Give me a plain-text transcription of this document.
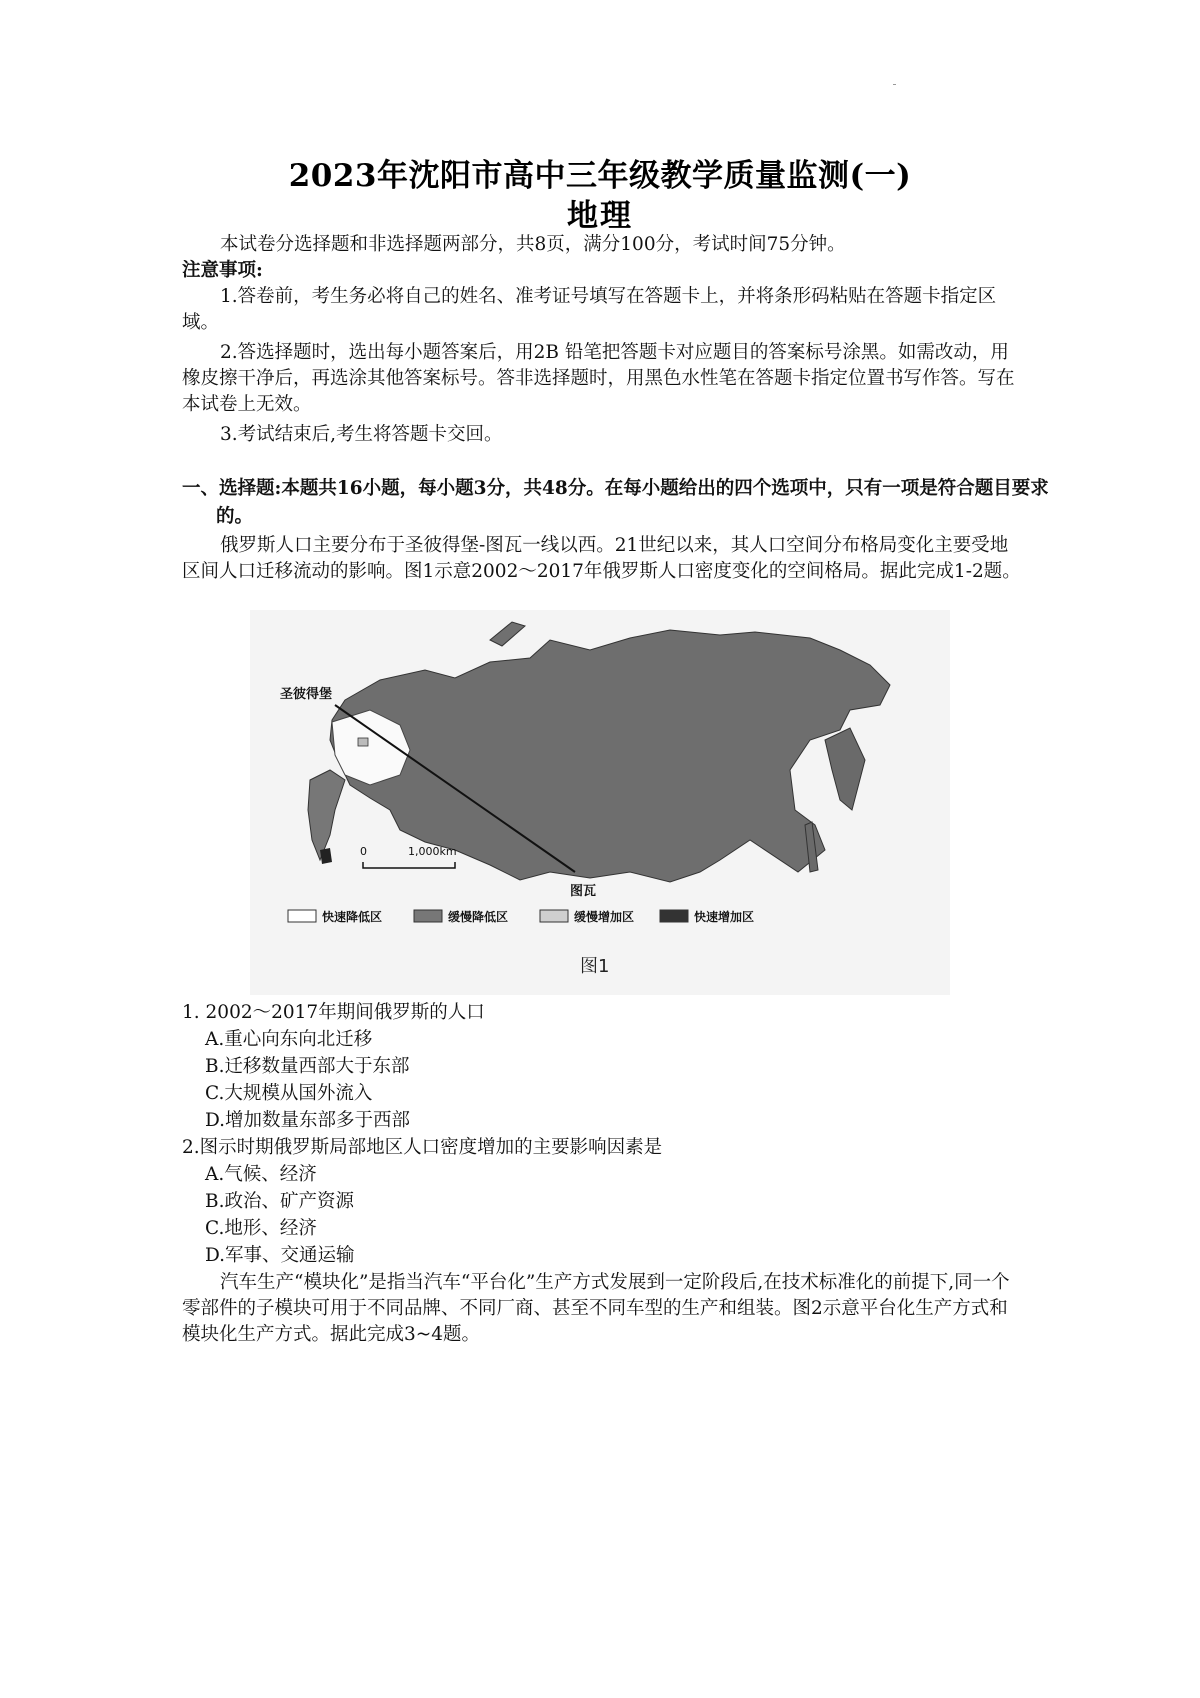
2023年沈阳市高中三年级教学质量监测(一)
地理

本试卷分选择题和非选择题两部分，共8页，满分100分，考试时间75分钟。

注意事项:

1.答卷前，考生务必将自己的姓名、准考证号填写在答题卡上，并将条形码粘贴在答题卡指定区域。

2.答选择题时，选出每小题答案后，用2B 铅笔把答题卡对应题目的答案标号涂黑。如需改动，用橡皮擦干净后，再选涂其他答案标号。答非选择题时，用黑色水性笔在答题卡指定位置书写作答。写在本试卷上无效。

3.考试结束后,考生将答题卡交回。

一、选择题:本题共16小题，每小题3分，共48分。在每小题给出的四个选项中，只有一项是符合题目要求的。

俄罗斯人口主要分布于圣彼得堡-图瓦一线以西。21世纪以来，其人口空间分布格局变化主要受地区间人口迁移流动的影响。图1示意2002～2017年俄罗斯人口密度变化的空间格局。据此完成1-2题。

圣彼得堡
图瓦
0	1,000km
快速降低区	缓慢降低区	缓慢增加区	快速增加区
图1

1. 2002～2017年期间俄罗斯的人口

A.重心向东向北迁移

B.迁移数量西部大于东部

C.大规模从国外流入

D.增加数量东部多于西部

2.图示时期俄罗斯局部地区人口密度增加的主要影响因素是

A.气候、经济

B.政治、矿产资源

C.地形、经济

D.军事、交通运输

汽车生产“模块化”是指当汽车“平台化”生产方式发展到一定阶段后,在技术标准化的前提下,同一个零部件的子模块可用于不同品牌、不同厂商、甚至不同车型的生产和组装。图2示意平台化生产方式和模块化生产方式。据此完成3~4题。
